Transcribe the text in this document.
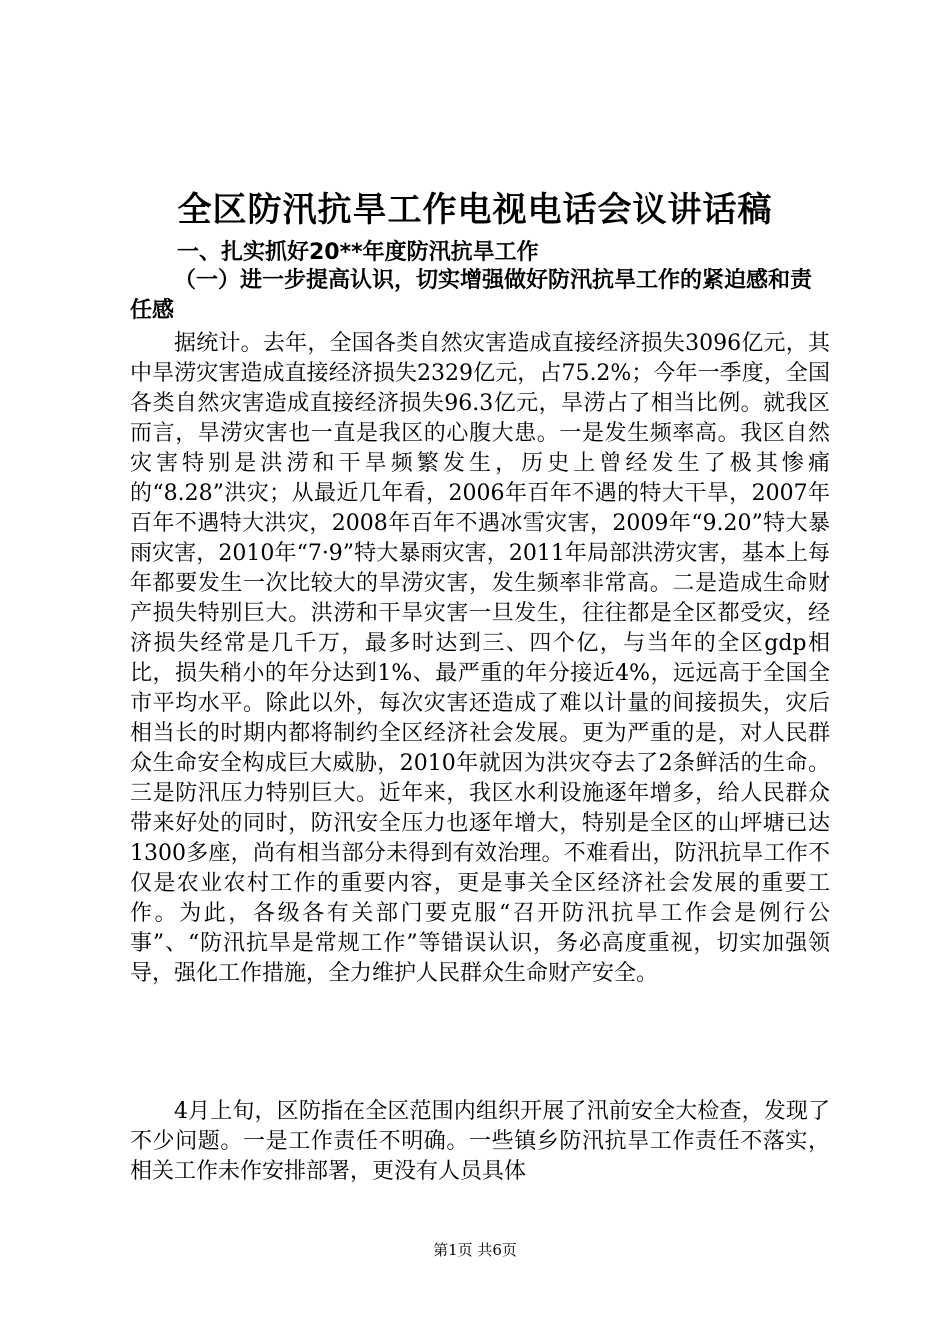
全区防汛抗旱工作电视电话会议讲话稿
一、扎实抓好20**年度防汛抗旱工作
（一）进一步提高认识，切实增强做好防汛抗旱工作的紧迫感和责任感

据统计。去年，全国各类自然灾害造成直接经济损失3096亿元，其中旱涝灾害造成直接经济损失2329亿元，占75.2%；今年一季度，全国各类自然灾害造成直接经济损失96.3亿元，旱涝占了相当比例。就我区而言，旱涝灾害也一直是我区的心腹大患。一是发生频率高。我区自然灾害特别是洪涝和干旱频繁发生，历史上曾经发生了极其惨痛的“8.28”洪灾；从最近几年看，2006年百年不遇的特大干旱，2007年百年不遇特大洪灾，2008年百年不遇冰雪灾害，2009年“9.20”特大暴雨灾害，2010年“7·9”特大暴雨灾害，2011年局部洪涝灾害，基本上每年都要发生一次比较大的旱涝灾害，发生频率非常高。二是造成生命财产损失特别巨大。洪涝和干旱灾害一旦发生，往往都是全区都受灾，经济损失经常是几千万，最多时达到三、四个亿，与当年的全区gdp相比，损失稍小的年分达到1%、最严重的年分接近4%，远远高于全国全市平均水平。除此以外，每次灾害还造成了难以计量的间接损失，灾后相当长的时期内都将制约全区经济社会发展。更为严重的是，对人民群众生命安全构成巨大威胁，2010年就因为洪灾夺去了2条鲜活的生命。三是防汛压力特别巨大。近年来，我区水利设施逐年增多，给人民群众带来好处的同时，防汛安全压力也逐年增大，特别是全区的山坪塘已达1300多座，尚有相当部分未得到有效治理。不难看出，防汛抗旱工作不仅是农业农村工作的重要内容，更是事关全区经济社会发展的重要工作。为此，各级各有关部门要克服“召开防汛抗旱工作会是例行公事”、“防汛抗旱是常规工作”等错误认识，务必高度重视，切实加强领导，强化工作措施，全力维护人民群众生命财产安全。

4月上旬，区防指在全区范围内组织开展了汛前安全大检查，发现了不少问题。一是工作责任不明确。一些镇乡防汛抗旱工作责任不落实，相关工作未作安排部署，更没有人员具体

第1页 共6页
